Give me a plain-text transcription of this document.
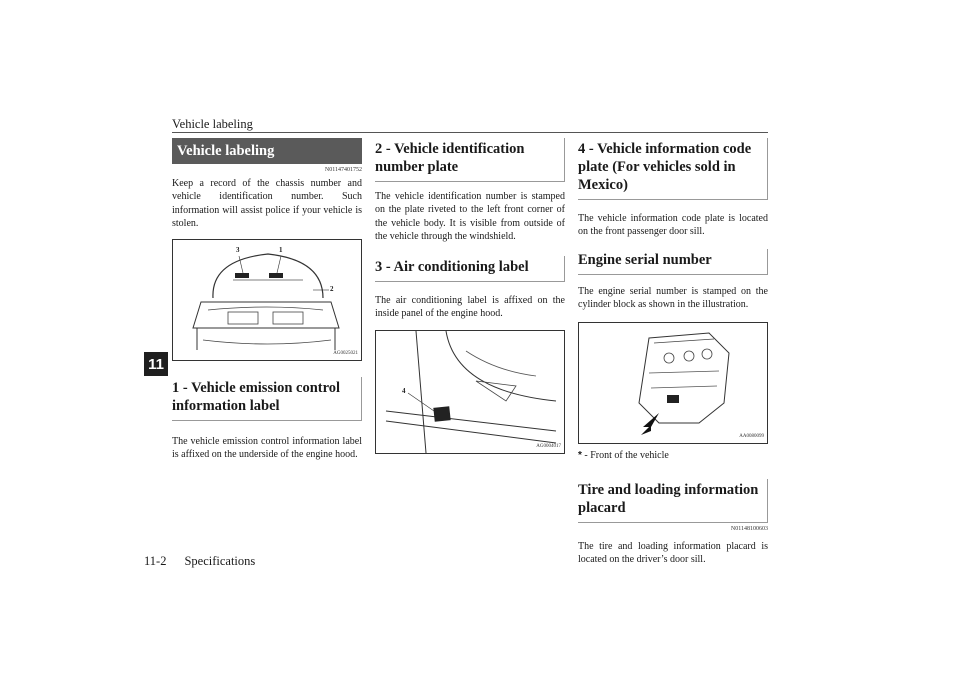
Vehicle labeling
11
Vehicle labeling
N01147401752
Keep a record of the chassis number and vehicle identification number. Such information will assist police if your vehicle is stolen.
3	1
2
AG0025021
1 - Vehicle emission control information label
The vehicle emission control information label is affixed on the underside of the engine hood.
2 - Vehicle identification number plate
The vehicle identification number is stamped on the plate riveted to the left front corner of the vehicle body. It is visible from outside of the vehicle through the windshield.
3 - Air conditioning label
The air conditioning label is affixed on the inside panel of the engine hood.
4
AG0004017
4 - Vehicle information code plate (For vehicles sold in Mexico)
The vehicle information code plate is located on the front passenger door sill.
Engine serial number
The engine serial number is stamped on the cylinder block as shown in the illustration.
AA0080099
* - Front of the vehicle
Tire and loading information placard
N01148100603
The tire and loading information placard is located on the driver’s door sill.
11-2 Specifications
